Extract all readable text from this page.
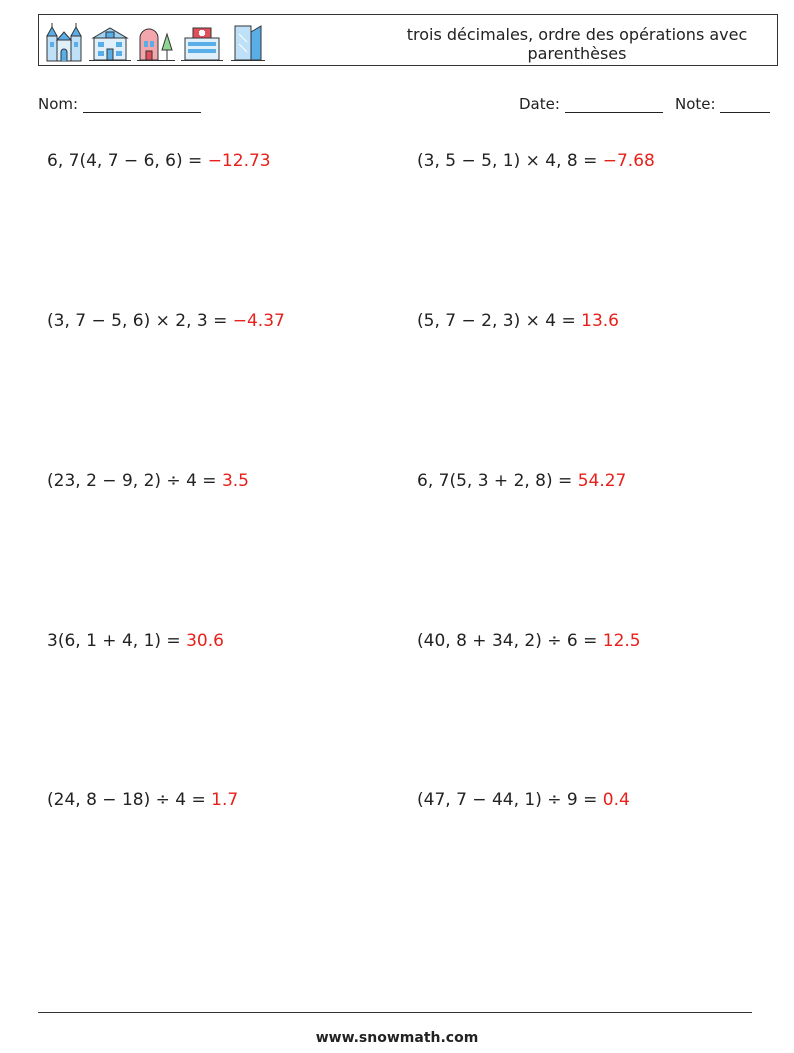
trois décimales, ordre des opérations avec parenthèses
Nom:	Date:	Note:
6, 7(4, 7 − 6, 6) = −12.73	(3, 5 − 5, 1) × 4, 8 = −7.68
(3, 7 − 5, 6) × 2, 3 = −4.37	(5, 7 − 2, 3) × 4 = 13.6
(23, 2 − 9, 2) ÷ 4 = 3.5	6, 7(5, 3 + 2, 8) = 54.27
3(6, 1 + 4, 1) = 30.6	(40, 8 + 34, 2) ÷ 6 = 12.5
(24, 8 − 18) ÷ 4 = 1.7	(47, 7 − 44, 1) ÷ 9 = 0.4
www.snowmath.com
